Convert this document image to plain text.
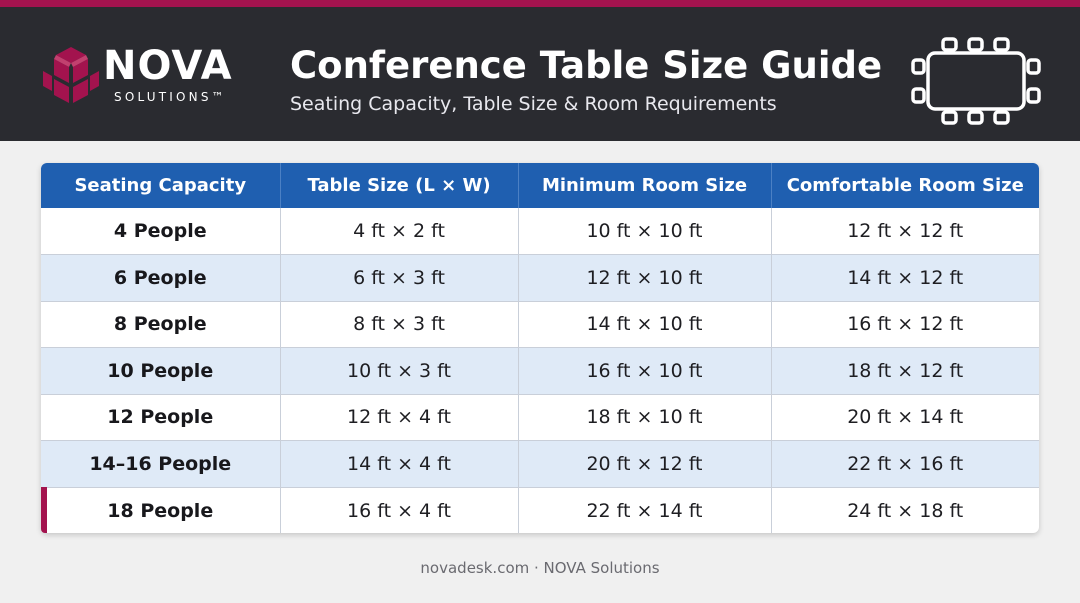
NOVA
SOLUTIONS™
Conference Table Size Guide
Seating Capacity, Table Size & Room Requirements
Seating Capacity	Table Size (L × W)	Minimum Room Size	Comfortable Room Size
4 People	4 ft × 2 ft	10 ft × 10 ft	12 ft × 12 ft
6 People	6 ft × 3 ft	12 ft × 10 ft	14 ft × 12 ft
8 People	8 ft × 3 ft	14 ft × 10 ft	16 ft × 12 ft
10 People	10 ft × 3 ft	16 ft × 10 ft	18 ft × 12 ft
12 People	12 ft × 4 ft	18 ft × 10 ft	20 ft × 14 ft
14–16 People	14 ft × 4 ft	20 ft × 12 ft	22 ft × 16 ft
18 People	16 ft × 4 ft	22 ft × 14 ft	24 ft × 18 ft
novadesk.com · NOVA Solutions
